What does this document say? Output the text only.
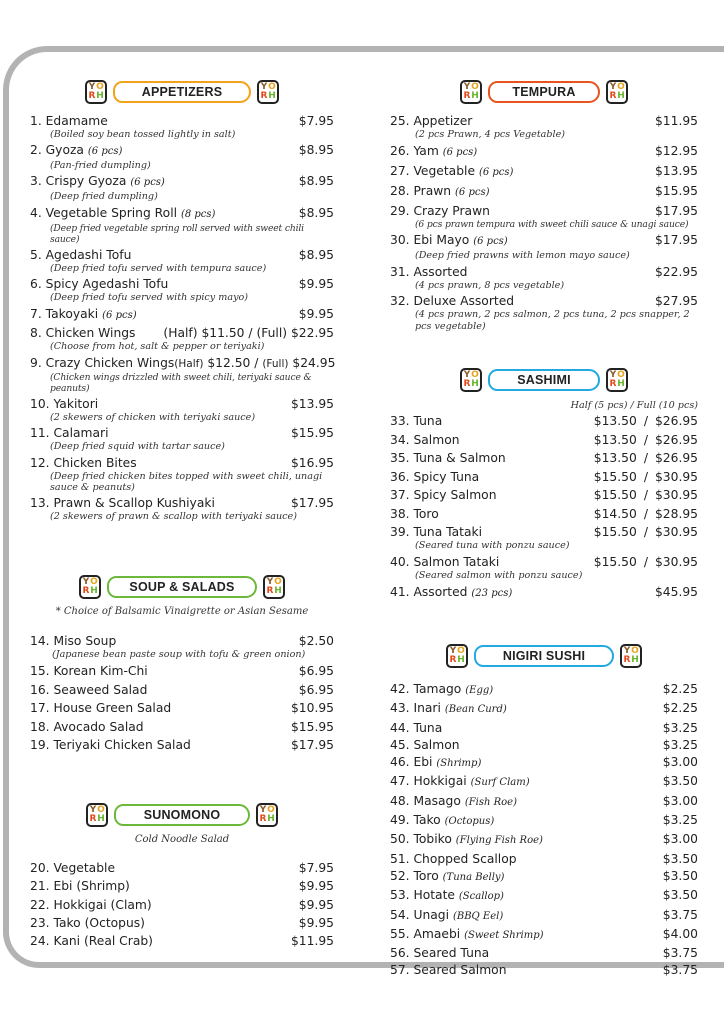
Y O
R H	APPETIZERS	Y O
R H
1. Edamame	$7.95
(Boiled soy bean tossed lightly in salt)
2. Gyoza (6 pcs)	$8.95
(Pan-fried dumpling)
3. Crispy Gyoza (6 pcs)	$8.95
(Deep fried dumpling)
4. Vegetable Spring Roll (8 pcs)	$8.95
(Deep fried vegetable spring roll served with sweet chili sauce)
5. Agedashi Tofu	$8.95
(Deep fried tofu served with tempura sauce)
6. Spicy Agedashi Tofu	$9.95
(Deep fried tofu served with spicy mayo)
7. Takoyaki (6 pcs)	$9.95
8. Chicken Wings (Half) $11.50 / (Full) $22.95
(Choose from hot, salt & pepper or teriyaki)
9. Crazy Chicken Wings (Half) $12.50 / (Full) $24.95
(Chicken wings drizzled with sweet chili, teriyaki sauce & peanuts)
10. Yakitori	$13.95
(2 skewers of chicken with teriyaki sauce)
11. Calamari	$15.95
(Deep fried squid with tartar sauce)
12. Chicken Bites	$16.95
(Deep fried chicken bites topped with sweet chili, unagi sauce & peanuts)
13. Prawn & Scallop Kushiyaki	$17.95
(2 skewers of prawn & scallop with teriyaki sauce)
Y O
R H	SOUP & SALADS	Y O
R H
* Choice of Balsamic Vinaigrette or Asian Sesame
14. Miso Soup	$2.50
(Japanese bean paste soup with tofu & green onion)
15. Korean Kim-Chi	$6.95
16. Seaweed Salad	$6.95
17. House Green Salad	$10.95
18. Avocado Salad	$15.95
19. Teriyaki Chicken Salad	$17.95
Y O
R H	SUNOMONO	Y O
R H
Cold Noodle Salad
20. Vegetable	$7.95
21. Ebi (Shrimp)	$9.95
22. Hokkigai (Clam)	$9.95
23. Tako (Octopus)	$9.95
24. Kani (Real Crab)	$11.95
Y O
R H	TEMPURA	Y O
R H
25. Appetizer	$11.95
(2 pcs Prawn, 4 pcs Vegetable)
26. Yam (6 pcs)	$12.95
27. Vegetable (6 pcs)	$13.95
28. Prawn (6 pcs)	$15.95
29. Crazy Prawn	$17.95
(6 pcs prawn tempura with sweet chili sauce & unagi sauce)
30. Ebi Mayo (6 pcs)	$17.95
(Deep fried prawns with lemon mayo sauce)
31. Assorted	$22.95
(4 pcs prawn, 8 pcs vegetable)
32. Deluxe Assorted	$27.95
(4 pcs prawn, 2 pcs salmon, 2 pcs tuna, 2 pcs snapper, 2 pcs vegetable)
Y O
R H	SASHIMI	Y O
R H
Half (5 pcs) / Full (10 pcs)
33. Tuna	$13.50 / $26.95
34. Salmon	$13.50 / $26.95
35. Tuna & Salmon	$13.50 / $26.95
36. Spicy Tuna	$15.50 / $30.95
37. Spicy Salmon	$15.50 / $30.95
38. Toro	$14.50 / $28.95
39. Tuna Tataki	$15.50 / $30.95
(Seared tuna with ponzu sauce)
40. Salmon Tataki	$15.50 / $30.95
(Seared salmon with ponzu sauce)
41. Assorted (23 pcs)	$45.95
Y O
R H	NIGIRI SUSHI	Y O
R H
42. Tamago (Egg)	$2.25
43. Inari (Bean Curd)	$2.25
44. Tuna	$3.25
45. Salmon	$3.25
46. Ebi (Shrimp)	$3.00
47. Hokkigai (Surf Clam)	$3.50
48. Masago (Fish Roe)	$3.00
49. Tako (Octopus)	$3.25
50. Tobiko (Flying Fish Roe)	$3.00
51. Chopped Scallop	$3.50
52. Toro (Tuna Belly)	$3.50
53. Hotate (Scallop)	$3.50
54. Unagi (BBQ Eel)	$3.75
55. Amaebi (Sweet Shrimp)	$4.00
56. Seared Tuna	$3.75
57. Seared Salmon	$3.75
